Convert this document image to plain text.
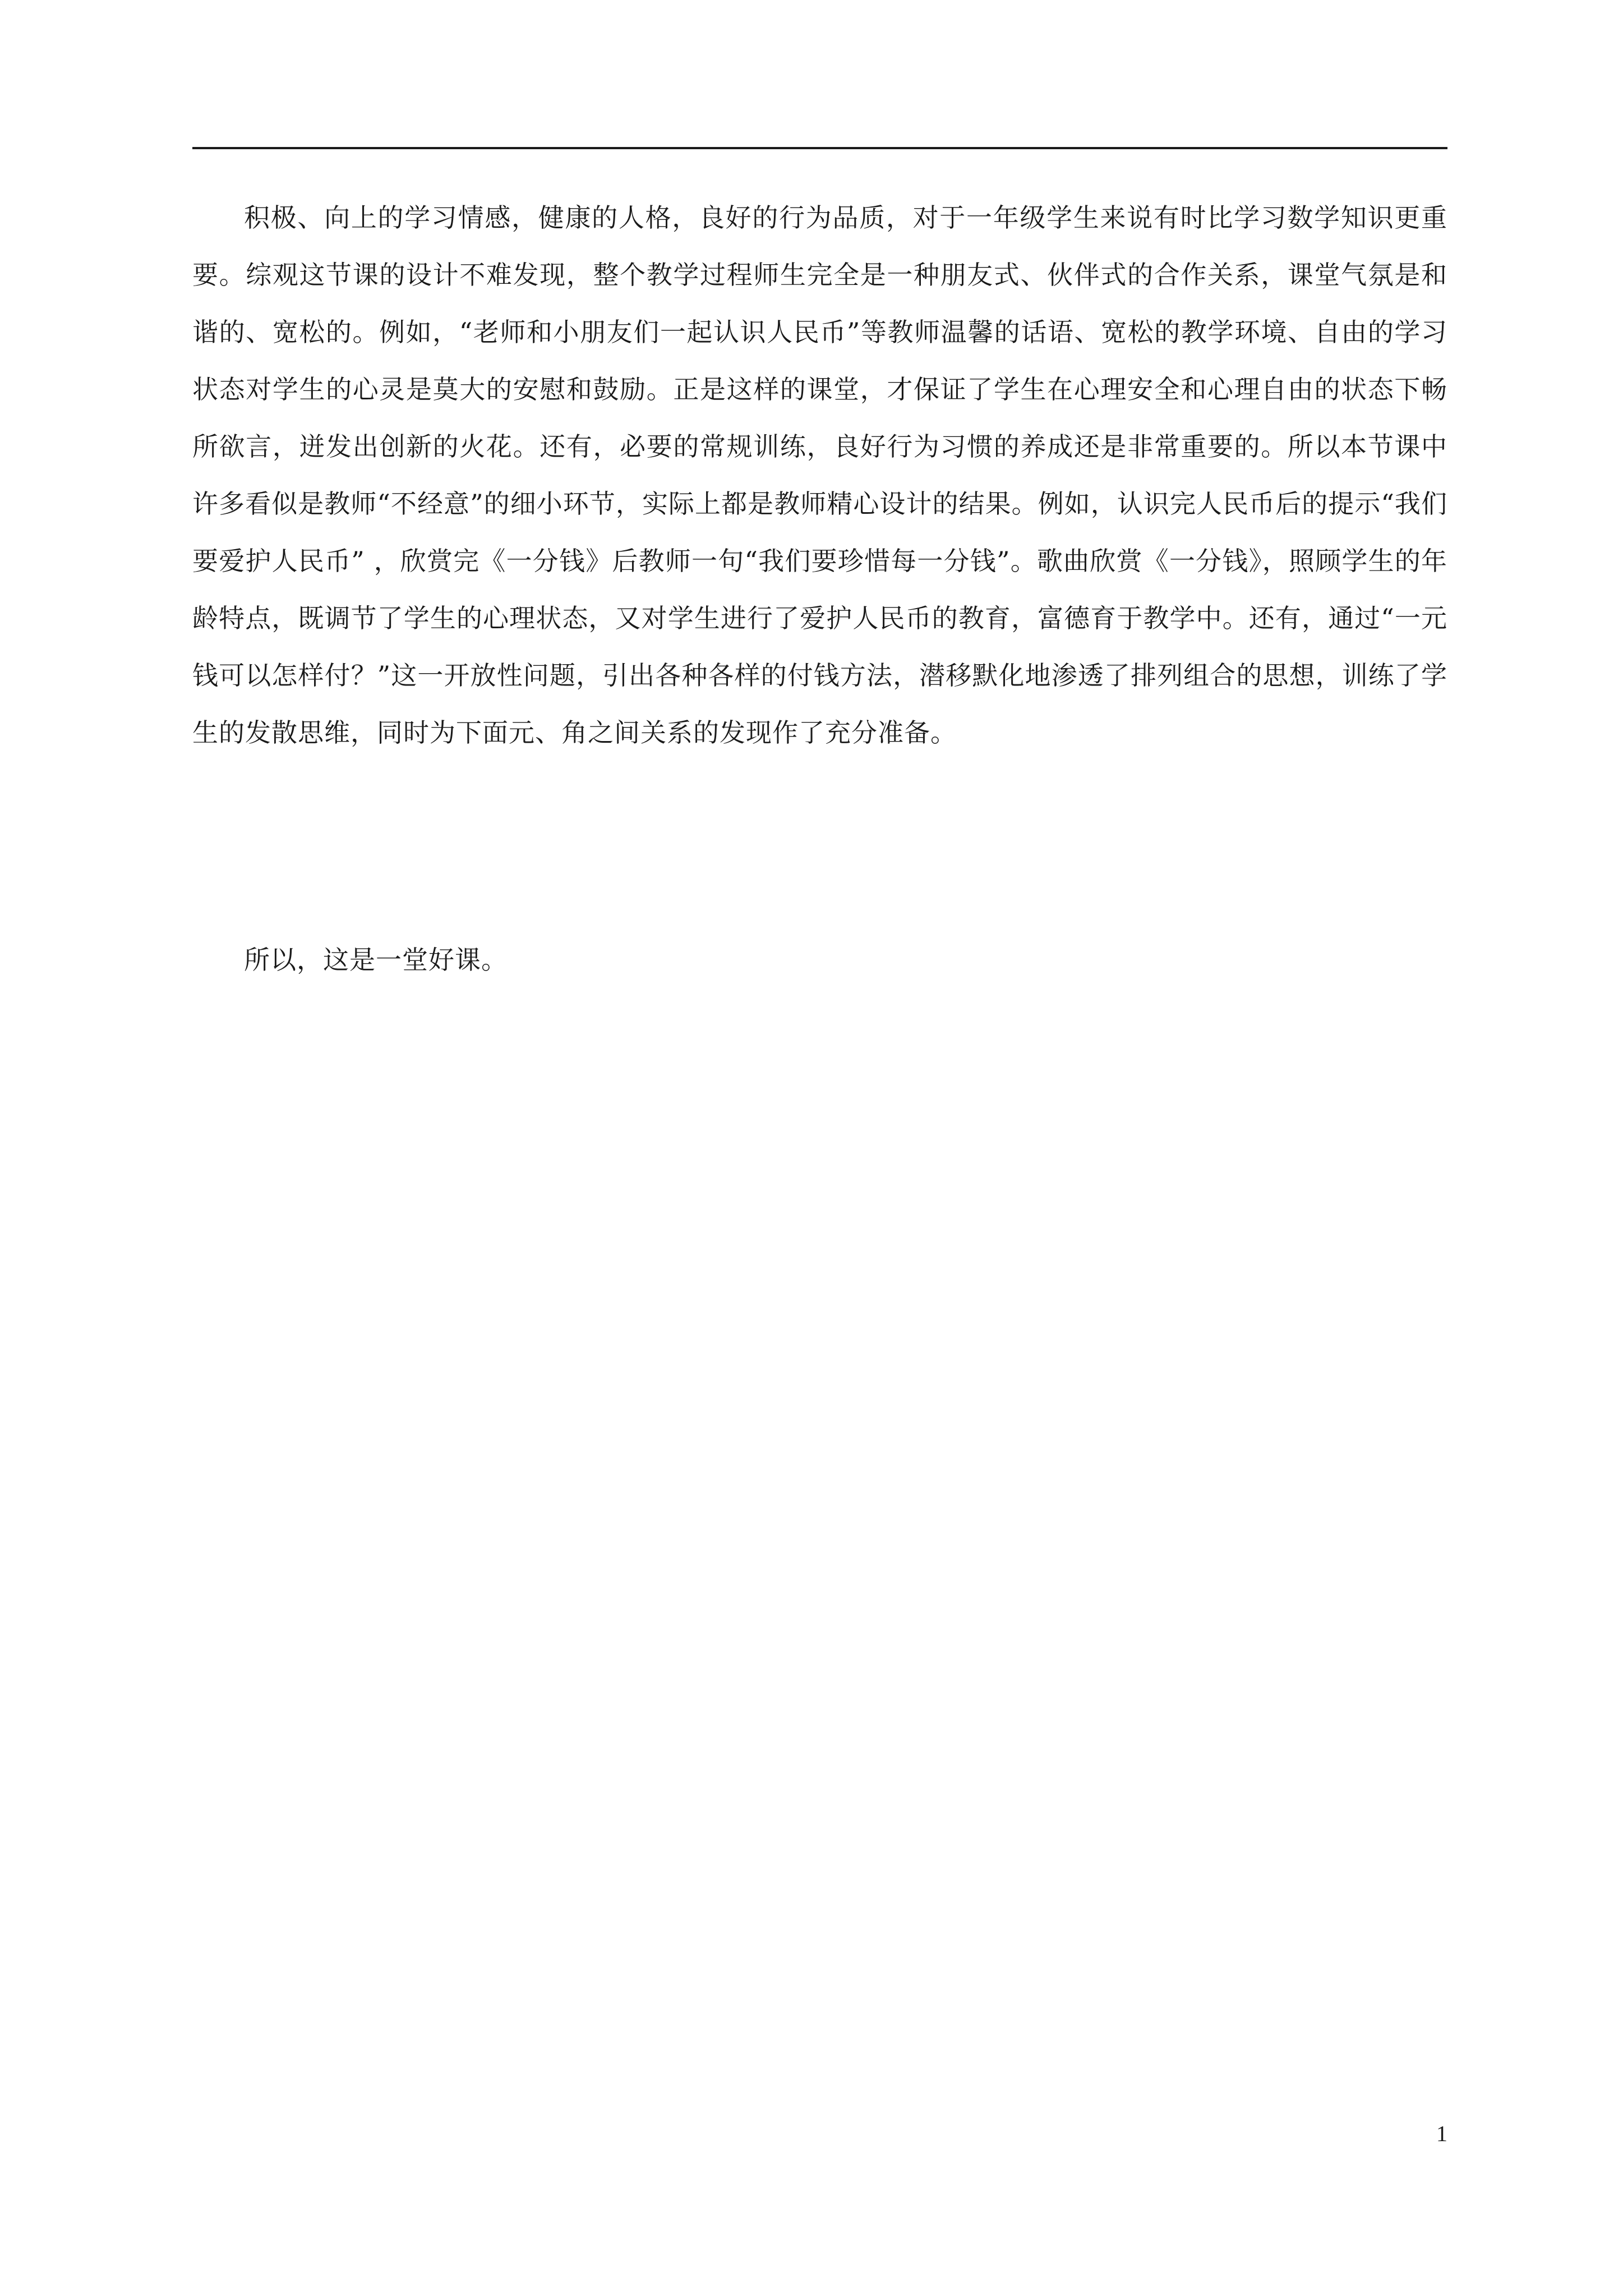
积极、向上的学习情感，健康的人格，良好的行为品质，对于一年级学生来说有时比学习数学知识更重要。综观这节课的设计不难发现，整个教学过程师生完全是一种朋友式、伙伴式的合作关系，课堂气氛是和谐的、宽松的。例如，“老师和小朋友们一起认识人民币”等教师温馨的话语、宽松的教学环境、自由的学习状态对学生的心灵是莫大的安慰和鼓励。正是这样的课堂，才保证了学生在心理安全和心理自由的状态下畅所欲言，迸发出创新的火花。还有，必要的常规训练，良好行为习惯的养成还是非常重要的。所以本节课中许多看似是教师“不经意”的细小环节，实际上都是教师精心设计的结果。例如，认识完人民币后的提示“我们要爱护人民币” ，欣赏完《一分钱》后教师一句“我们要珍惜每一分钱”。歌曲欣赏《一分钱》，照顾学生的年龄特点，既调节了学生的心理状态，又对学生进行了爱护人民币的教育，富德育于教学中。还有，通过“一元钱可以怎样付？”这一开放性问题，引出各种各样的付钱方法，潜移默化地渗透了排列组合的思想，训练了学生的发散思维，同时为下面元、角之间关系的发现作了充分准备。

所以，这是一堂好课。

1
